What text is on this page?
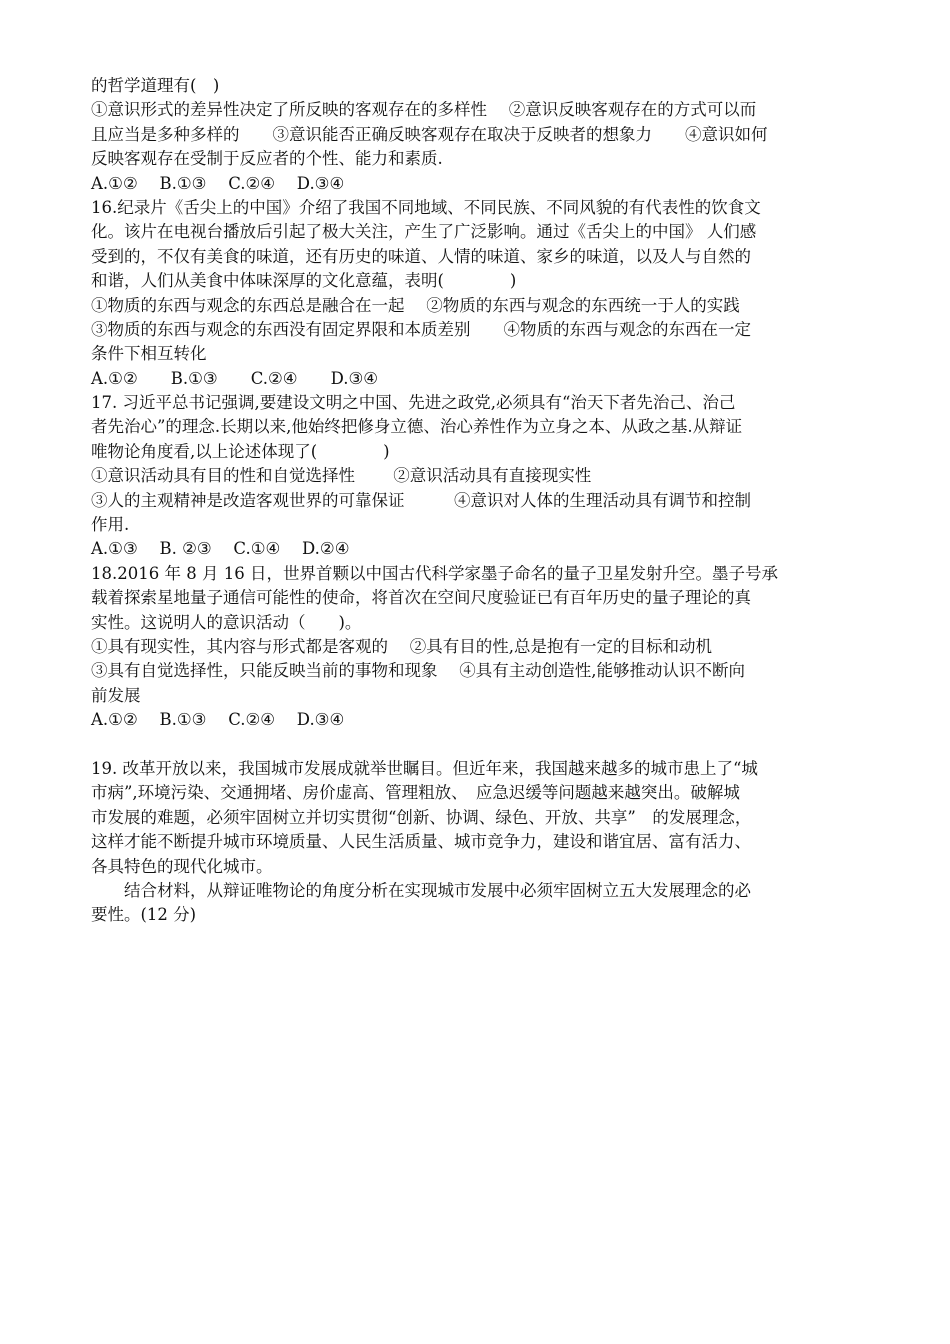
的哲学道理有(　)
①意识形式的差异性决定了所反映的客观存在的多样性　 ②意识反映客观存在的方式可以而
且应当是多种多样的　　③意识能否正确反映客观存在取决于反映者的想象力　　④意识如何
反映客观存在受制于反应者的个性、能力和素质.
A.①②　 B.①③　 C.②④　 D.③④
16.纪录片《舌尖上的中国》介绍了我国不同地域、不同民族、不同风貌的有代表性的饮食文
化。该片在电视台播放后引起了极大关注，产生了广泛影响。通过《舌尖上的中国》 人们感
受到的，不仅有美食的味道，还有历史的味道、人情的味道、家乡的味道，以及人与自然的
和谐，人们从美食中体味深厚的文化意蕴，表明(　　　　)
①物质的东西与观念的东西总是融合在一起　 ②物质的东西与观念的东西统一于人的实践
③物质的东西与观念的东西没有固定界限和本质差别　　④物质的东西与观念的东西在一定
条件下相互转化
A.①②　　B.①③　　C.②④　　D.③④
17. 习近平总书记强调,要建设文明之中国、先进之政党,必须具有“治天下者先治己、治己
者先治心”的理念.长期以来,他始终把修身立德、治心养性作为立身之本、从政之基.从辩证
唯物论角度看,以上论述体现了(　　　　)
①意识活动具有目的性和自觉选择性　　 ②意识活动具有直接现实性
③人的主观精神是改造客观世界的可靠保证　　　④意识对人体的生理活动具有调节和控制
作用.
A.①③　 B. ②③　 C.①④　 D.②④
18.2016 年 8 月 16 日，世界首颗以中国古代科学家墨子命名的量子卫星发射升空。墨子号承
载着探索星地量子通信可能性的使命，将首次在空间尺度验证已有百年历史的量子理论的真
实性。这说明人的意识活动（　　)。
①具有现实性，其内容与形式都是客观的　 ②具有目的性,总是抱有一定的目标和动机
③具有自觉选择性，只能反映当前的事物和现象　 ④具有主动创造性,能够推动认识不断向
前发展
A.①②　 B.①③　 C.②④　 D.③④
19. 改革开放以来，我国城市发展成就举世瞩目。但近年来，我国越来越多的城市患上了“城
市病”,环境污染、交通拥堵、房价虚高、管理粗放、　应急迟缓等问题越来越突出。破解城
市发展的难题，必须牢固树立并切实贯彻“创新、协调、绿色、开放、共享”　的发展理念，
这样才能不断提升城市环境质量、人民生活质量、城市竞争力，建设和谐宜居、富有活力、
各具特色的现代化城市。
　　结合材料，从辩证唯物论的角度分析在实现城市发展中必须牢固树立五大发展理念的必
要性。(12 分)
